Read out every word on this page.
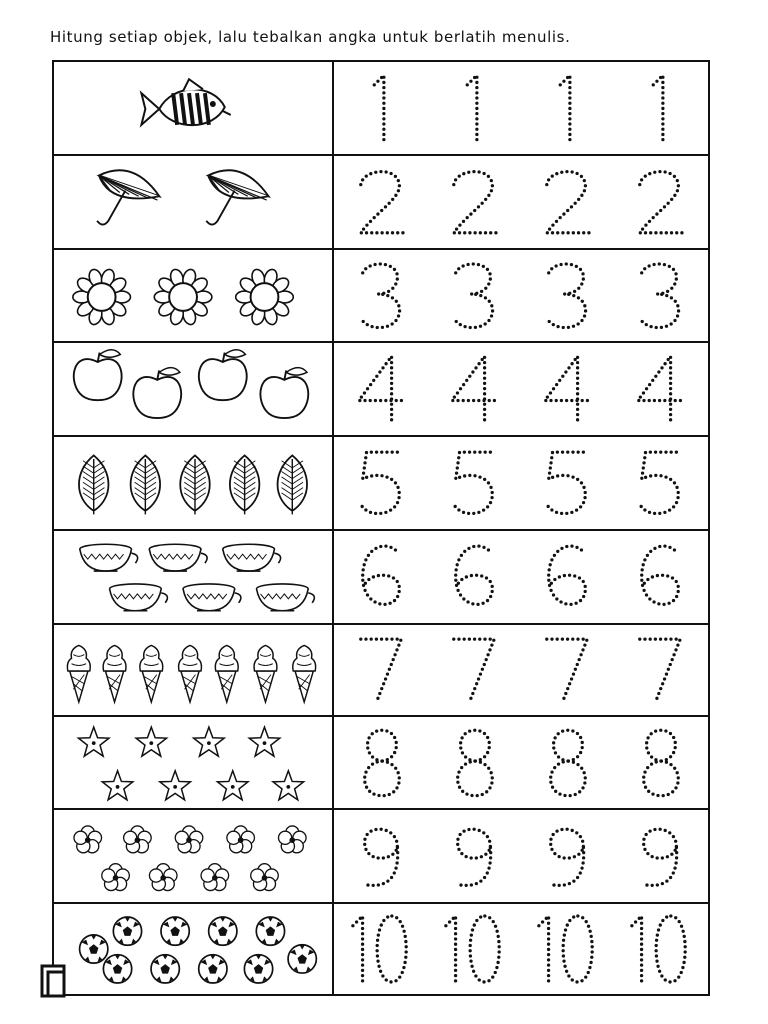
Hitung setiap objek, lalu tebalkan angka untuk berlatih menulis.
